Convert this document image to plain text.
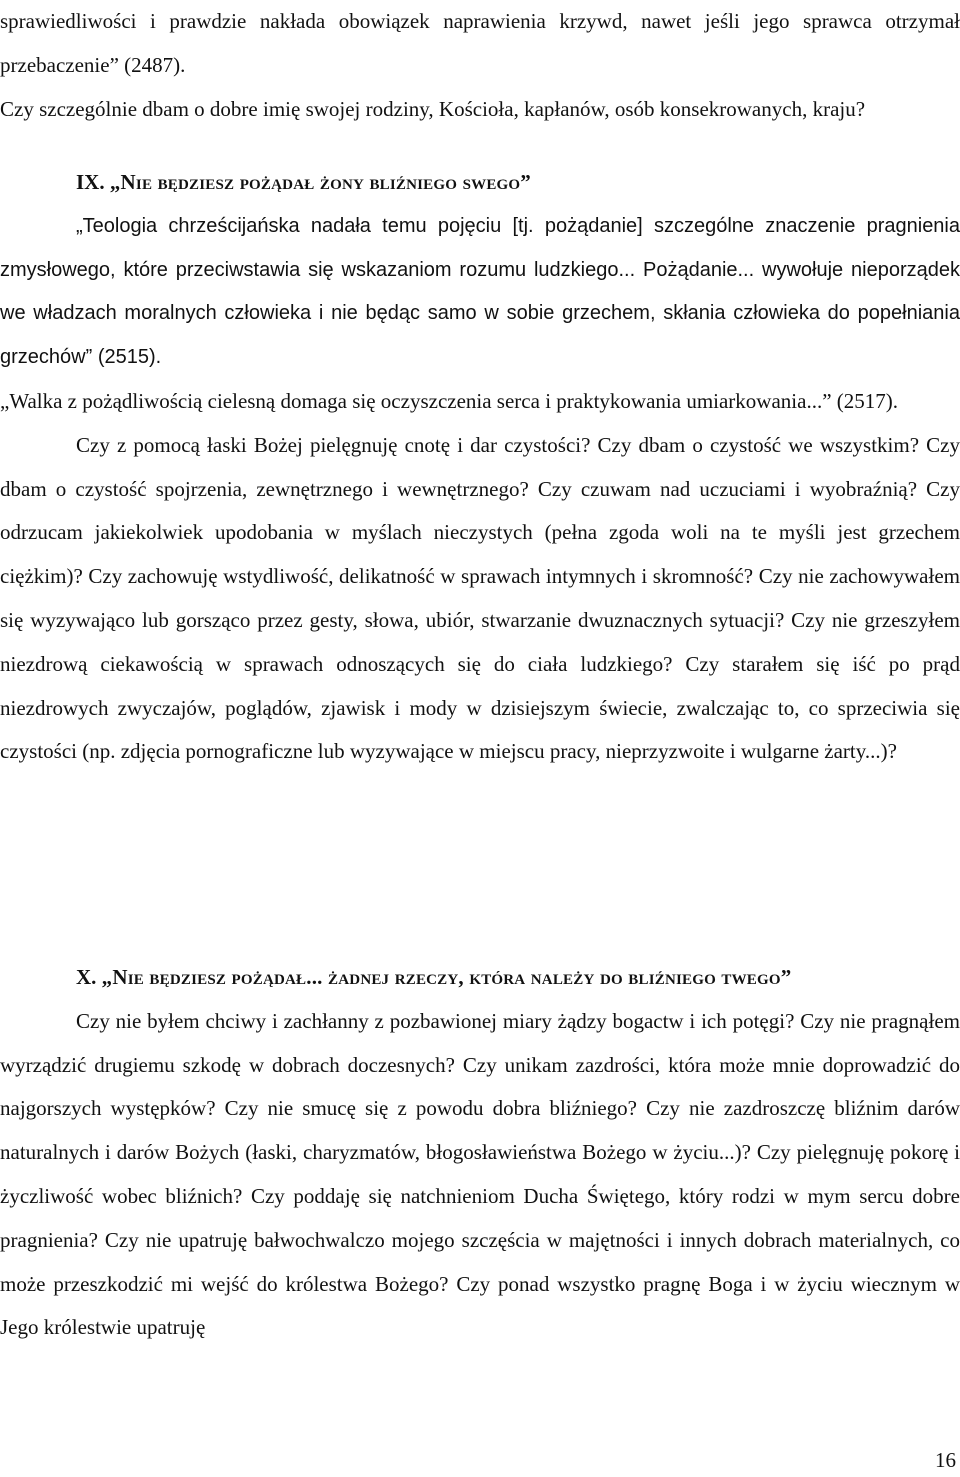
sprawiedliwości i prawdzie nakłada obowiązek naprawienia krzywd, nawet jeśli jego sprawca otrzymał przebaczenie” (2487).

Czy szczególnie dbam o dobre imię swojej rodziny, Kościoła, kapłanów, osób konsekrowanych, kraju?

IX. „Nie będziesz pożądał żony bliźniego swego”

„Teologia chrześcijańska nadała temu pojęciu [tj. pożądanie] szczególne znaczenie pragnienia zmysłowego, które przeciwstawia się wskazaniom rozumu ludzkiego... Pożądanie... wywołuje nieporządek we władzach moralnych człowieka i nie będąc samo w sobie grzechem, skłania człowieka do popełniania grzechów” (2515).

„Walka z pożądliwością cielesną domaga się oczyszczenia serca i praktykowania umiarkowania...” (2517).

Czy z pomocą łaski Bożej pielęgnuję cnotę i dar czystości? Czy dbam o czystość we wszystkim? Czy dbam o czystość spojrzenia, zewnętrznego i wewnętrznego? Czy czuwam nad uczuciami i wyobraźnią? Czy odrzucam jakiekolwiek upodobania w myślach nieczystych (pełna zgoda woli na te myśli jest grzechem ciężkim)? Czy zachowuję wstydliwość, delikatność w sprawach intymnych i skromność? Czy nie zachowywałem się wyzywająco lub gorsząco przez gesty, słowa, ubiór, stwarzanie dwuznacznych sytuacji? Czy nie grzeszyłem niezdrową ciekawością w sprawach odnoszących się do ciała ludzkiego? Czy starałem się iść po prąd niezdrowych zwyczajów, poglądów, zjawisk i mody w dzisiejszym świecie, zwalczając to, co sprzeciwia się czystości (np. zdjęcia pornograficzne lub wyzywające w miejscu pracy, nieprzyzwoite i wulgarne żarty...)?

X. „Nie będziesz pożądał... żadnej rzeczy, która należy do bliźniego twego”

Czy nie byłem chciwy i zachłanny z pozbawionej miary żądzy bogactw i ich potęgi? Czy nie pragnąłem wyrządzić drugiemu szkodę w dobrach doczesnych? Czy unikam zazdrości, która może mnie doprowadzić do najgorszych występków? Czy nie smucę się z powodu dobra bliźniego? Czy nie zazdroszczę bliźnim darów naturalnych i darów Bożych (łaski, charyzmatów, błogosławieństwa Bożego w życiu...)? Czy pielęgnuję pokorę i życzliwość wobec bliźnich? Czy poddaję się natchnieniom Ducha Świętego, który rodzi w mym sercu dobre pragnienia? Czy nie upatruję bałwochwalczo mojego szczęścia w majętności i innych dobrach materialnych, co może przeszkodzić mi wejść do królestwa Bożego? Czy ponad wszystko pragnę Boga i w życiu wiecznym w Jego królestwie upatruję

16
